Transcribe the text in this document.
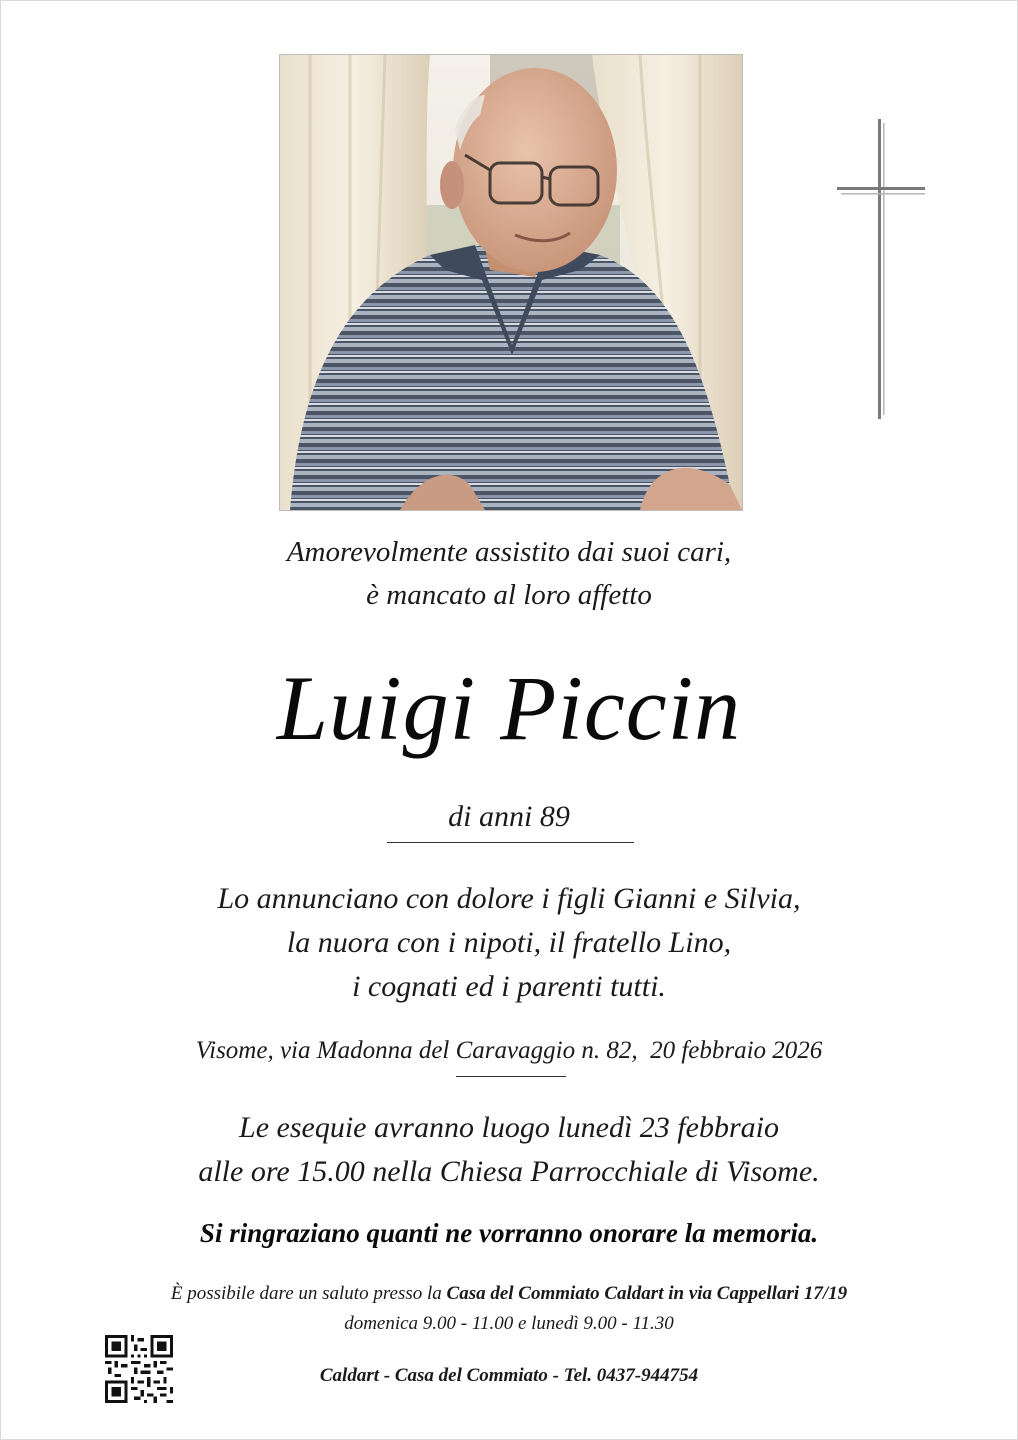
Amorevolmente assistito dai suoi cari,
è mancato al loro affetto
Luigi Piccin
di anni 89
Lo annunciano con dolore i figli Gianni e Silvia,
la nuora con i nipoti, il fratello Lino,
i cognati ed i parenti tutti.
Visome, via Madonna del Caravaggio n. 82,  20 febbraio 2026
Le esequie avranno luogo lunedì 23 febbraio
alle ore 15.00 nella Chiesa Parrocchiale di Visome.
Si ringraziano quanti ne vorranno onorare la memoria.
È possibile dare un saluto presso la Casa del Commiato Caldart in via Cappellari 17/19
domenica 9.00 - 11.00 e lunedì 9.00 - 11.30
Caldart - Casa del Commiato - Tel. 0437-944754
